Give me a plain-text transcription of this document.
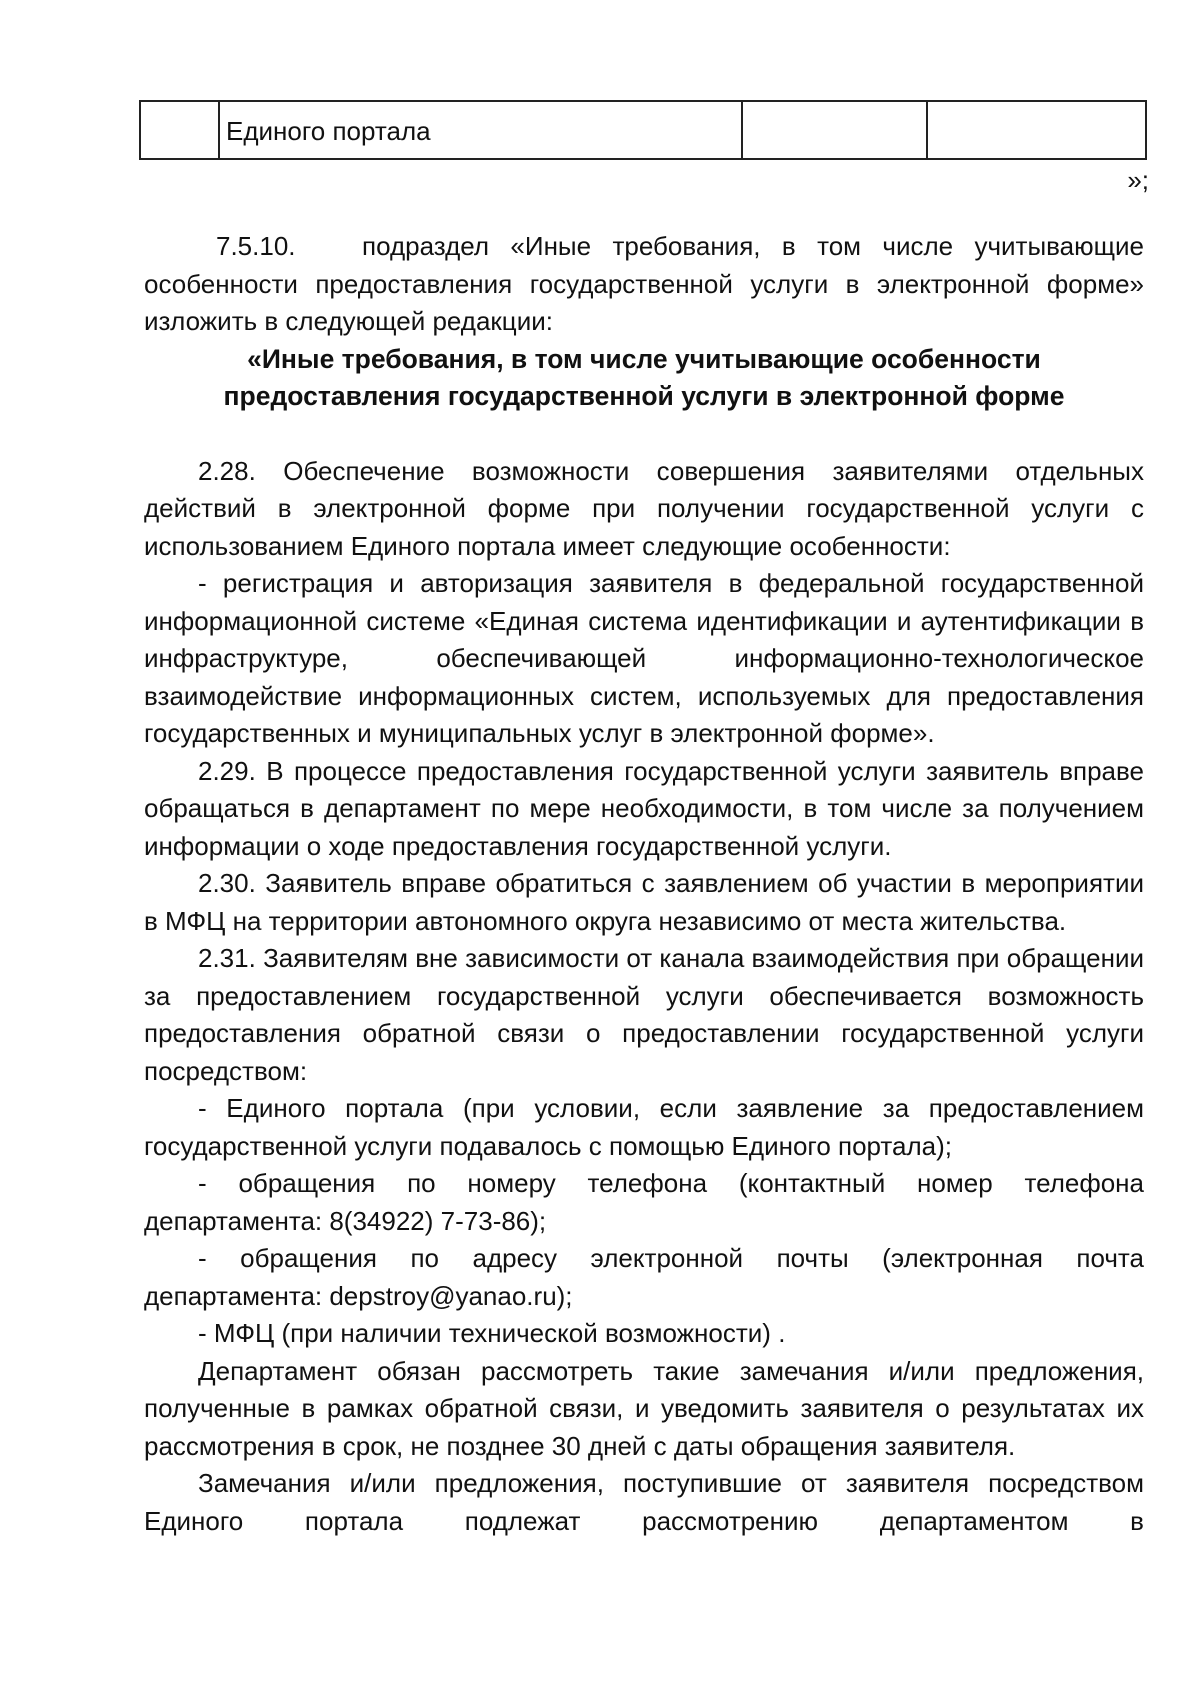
Единого портала
»;

7.5.10.	подраздел «Иные требования, в том числе учитывающие особенности предоставления государственной услуги в электронной форме» изложить в следующей редакции:

«Иные требования, в том числе учитывающие особенности предоставления государственной услуги в электронной форме

2.28. Обеспечение возможности совершения заявителями отдельных действий в электронной форме при получении государственной услуги с использованием Единого портала имеет следующие особенности:

- регистрация и авторизация заявителя в федеральной государственной информационной системе «Единая система идентификации и аутентификации в инфраструктуре, обеспечивающей информационно-технологическое взаимодействие информационных систем, используемых для предоставления государственных и муниципальных услуг в электронной форме».

2.29. В процессе предоставления государственной услуги заявитель вправе обращаться в департамент по мере необходимости, в том числе за получением информации о ходе предоставления государственной услуги.

2.30. Заявитель вправе обратиться с заявлением об участии в мероприятии в МФЦ на территории автономного округа независимо от места жительства.

2.31. Заявителям вне зависимости от канала взаимодействия при обращении за предоставлением государственной услуги обеспечивается возможность предоставления обратной связи о предоставлении государственной услуги посредством:

- Единого портала (при условии, если заявление за предоставлением государственной услуги подавалось с помощью Единого портала);

- обращения по номеру телефона (контактный номер телефона департамента: 8(34922) 7-73-86);

- обращения по адресу электронной почты (электронная почта департамента: depstroy@yanao.ru);

- МФЦ (при наличии технической возможности) .

Департамент обязан рассмотреть такие замечания и/или предложения, полученные в рамках обратной связи, и уведомить заявителя о результатах их рассмотрения в срок, не позднее 30 дней с даты обращения заявителя.

Замечания и/или предложения, поступившие от заявителя посредством Единого портала подлежат рассмотрению департаментом в
